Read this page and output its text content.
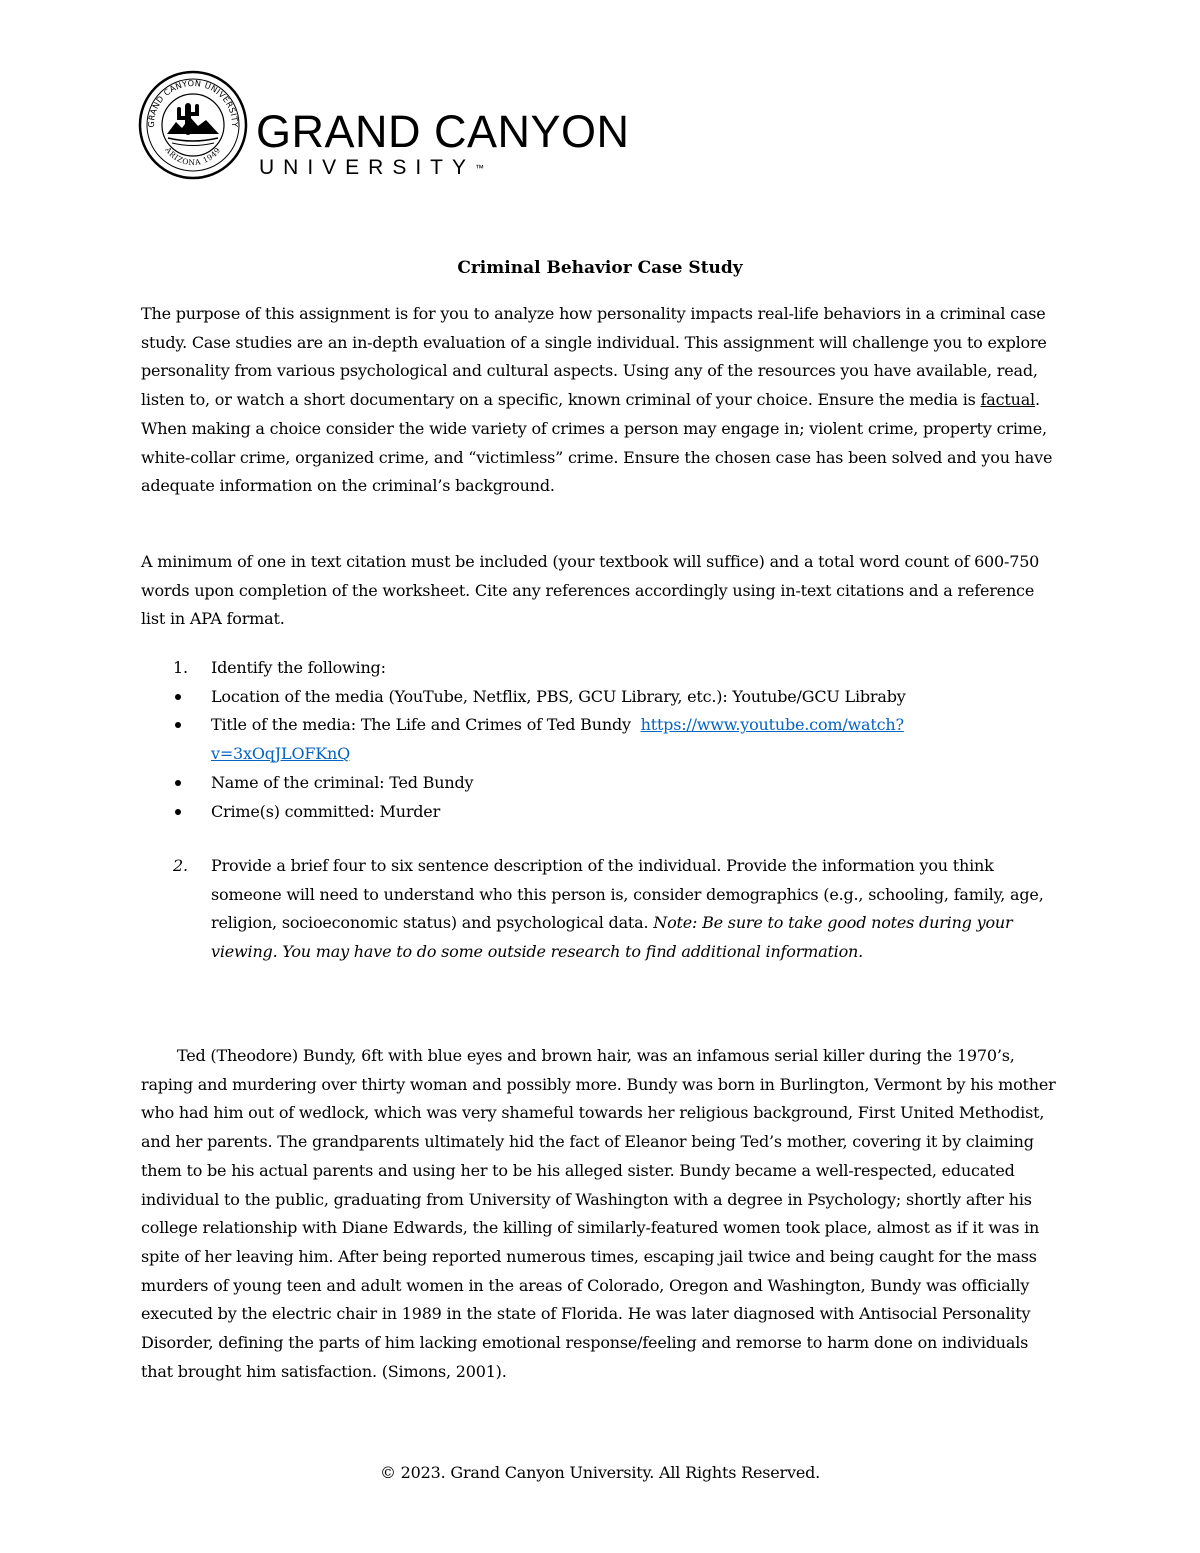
GRAND CANYON UNIVERSITY
ARIZONA 1949 GRAND CANYON
UNIVERSITY™
Criminal Behavior Case Study

The purpose of this assignment is for you to analyze how personality impacts real-life behaviors in a criminal case study. Case studies are an in-depth evaluation of a single individual. This assignment will challenge you to explore personality from various psychological and cultural aspects. Using any of the resources you have available, read, listen to, or watch a short documentary on a specific, known criminal of your choice. Ensure the media is factual. When making a choice consider the wide variety of crimes a person may engage in; violent crime, property crime, white-collar crime, organized crime, and “victimless” crime. Ensure the chosen case has been solved and you have adequate information on the criminal’s background.

A minimum of one in text citation must be included (your textbook will suffice) and a total word count of 600-750 words upon completion of the worksheet. Cite any references accordingly using in-text citations and a reference list in APA format.

1. Identify the following:
Location of the media (YouTube, Netflix, PBS, GCU Library, etc.): Youtube/GCU Libraby
Title of the media: The Life and Crimes of Ted Bundy https://www.youtube.com/watch?
v=3xOqJLOFKnQ
Name of the criminal: Ted Bundy
Crime(s) committed: Murder
2. Provide a brief four to six sentence description of the individual. Provide the information you think someone will need to understand who this person is, consider demographics (e.g., schooling, family, age, religion, socioeconomic status) and psychological data. Note: Be sure to take good notes during your viewing. You may have to do some outside research to find additional information.

Ted (Theodore) Bundy, 6ft with blue eyes and brown hair, was an infamous serial killer during the 1970’s, raping and murdering over thirty woman and possibly more. Bundy was born in Burlington, Vermont by his mother who had him out of wedlock, which was very shameful towards her religious background, First United Methodist, and her parents. The grandparents ultimately hid the fact of Eleanor being Ted’s mother, covering it by claiming them to be his actual parents and using her to be his alleged sister. Bundy became a well-respected, educated individual to the public, graduating from University of Washington with a degree in Psychology; shortly after his college relationship with Diane Edwards, the killing of similarly-featured women took place, almost as if it was in spite of her leaving him. After being reported numerous times, escaping jail twice and being caught for the mass murders of young teen and adult women in the areas of Colorado, Oregon and Washington, Bundy was officially executed by the electric chair in 1989 in the state of Florida. He was later diagnosed with Antisocial Personality Disorder, defining the parts of him lacking emotional response/feeling and remorse to harm done on individuals that brought him satisfaction. (Simons, 2001).

© 2023. Grand Canyon University. All Rights Reserved.
